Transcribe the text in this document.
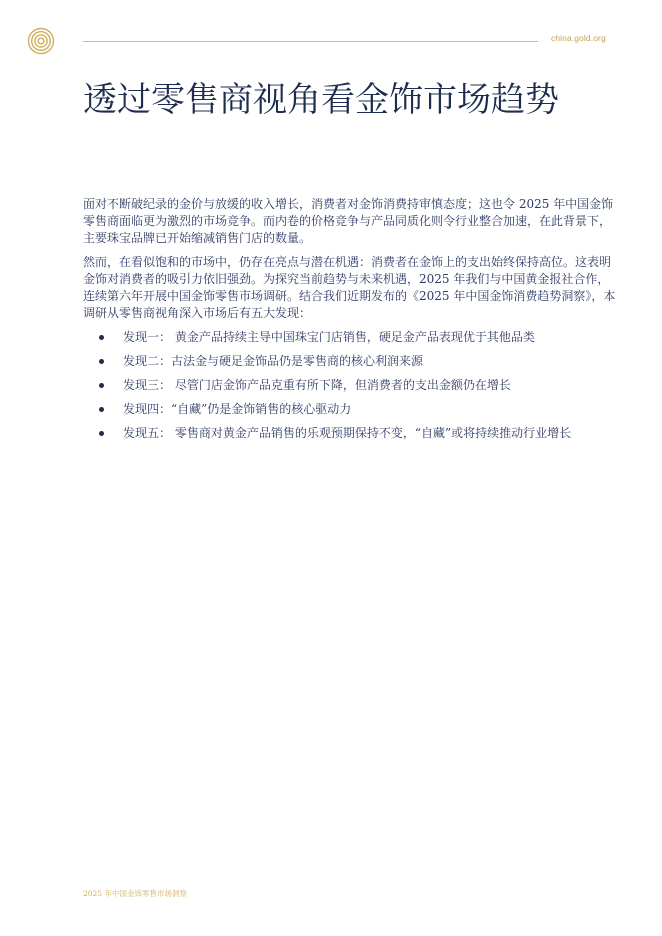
china.gold.org
透过零售商视角看金饰市场趋势

面对不断破纪录的金价与放缓的收入增长，消费者对金饰消费持审慎态度；这也令 2025 年中国金饰零售商面临更为激烈的市场竞争。而内卷的价格竞争与产品同质化则令行业整合加速，在此背景下，主要珠宝品牌已开始缩减销售门店的数量。

然而，在看似饱和的市场中，仍存在亮点与潜在机遇：消费者在金饰上的支出始终保持高位。这表明金饰对消费者的吸引力依旧强劲。为探究当前趋势与未来机遇，2025 年我们与中国黄金报社合作，连续第六年开展中国金饰零售市场调研。结合我们近期发布的《2025 年中国金饰消费趋势洞察》，本调研从零售商视角深入市场后有五大发现：

发现一： 黄金产品持续主导中国珠宝门店销售，硬足金产品表现优于其他品类
发现二：古法金与硬足金饰品仍是零售商的核心利润来源
发现三： 尽管门店金饰产品克重有所下降，但消费者的支出金额仍在增长
发现四：“自藏”仍是金饰销售的核心驱动力
发现五： 零售商对黄金产品销售的乐观预期保持不变，“自藏”或将持续推动行业增长
2025 年中国金饰零售市场洞察
